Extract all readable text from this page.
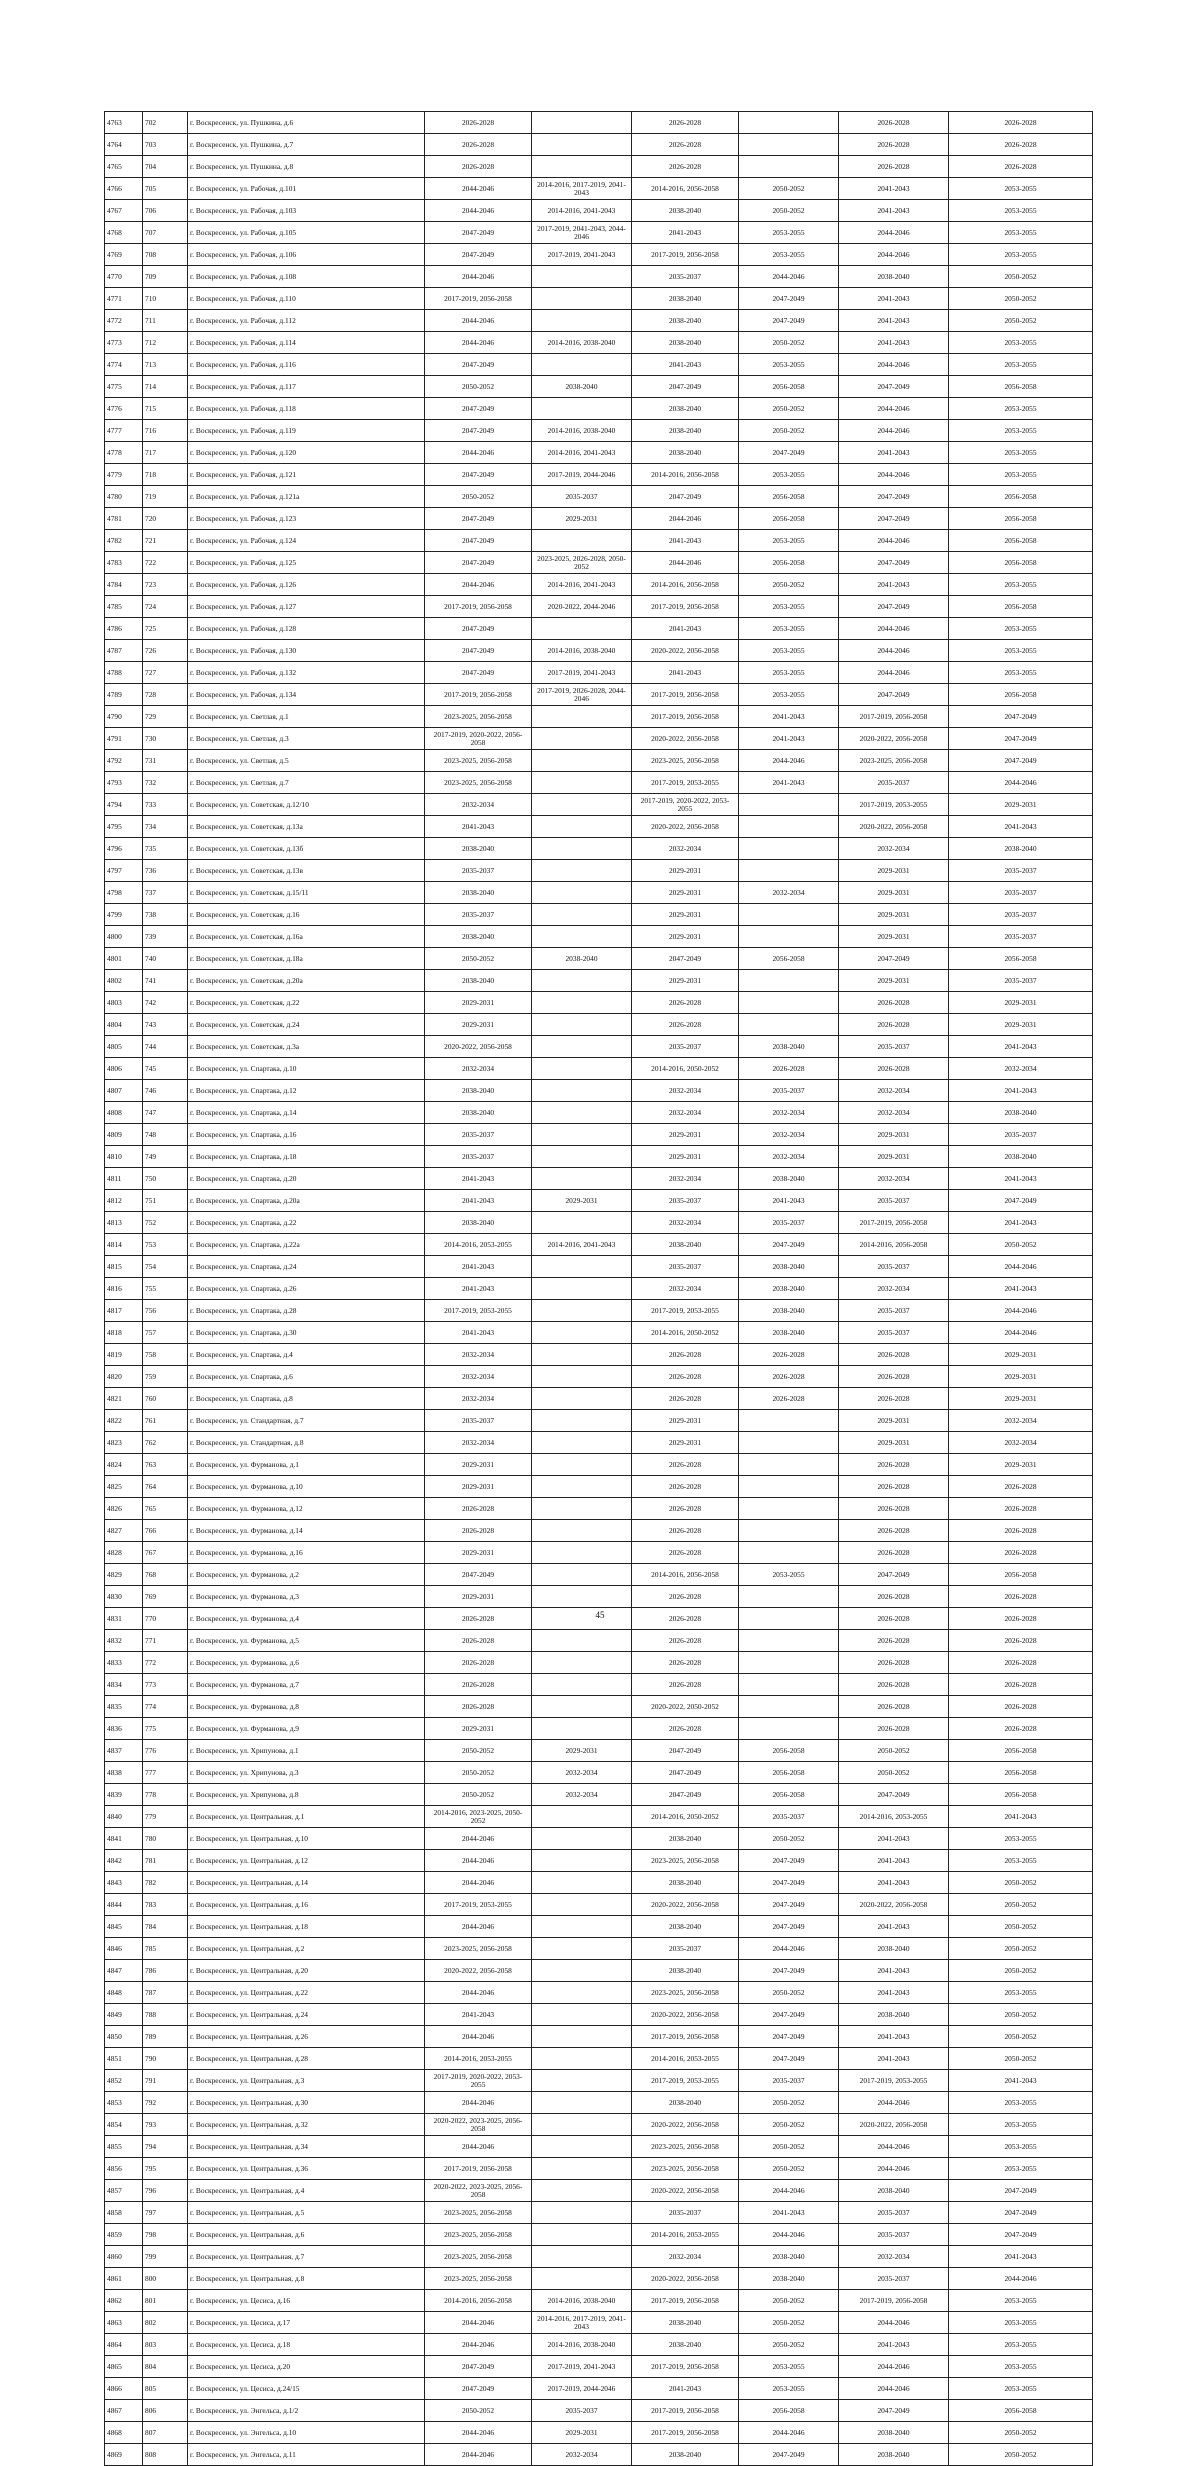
4763	702	г. Воскресенск, ул. Пушкина, д.6	2026-2028		2026-2028		2026-2028	2026-2028
4764	703	г. Воскресенск, ул. Пушкина, д.7	2026-2028		2026-2028		2026-2028	2026-2028
4765	704	г. Воскресенск, ул. Пушкина, д.8	2026-2028		2026-2028		2026-2028	2026-2028
4766	705	г. Воскресенск, ул. Рабочая, д.101	2044-2046	2014-2016, 2017-2019, 2041-2043	2014-2016, 2056-2058	2050-2052	2041-2043	2053-2055
4767	706	г. Воскресенск, ул. Рабочая, д.103	2044-2046	2014-2016, 2041-2043	2038-2040	2050-2052	2041-2043	2053-2055
4768	707	г. Воскресенск, ул. Рабочая, д.105	2047-2049	2017-2019, 2041-2043, 2044-2046	2041-2043	2053-2055	2044-2046	2053-2055
4769	708	г. Воскресенск, ул. Рабочая, д.106	2047-2049	2017-2019, 2041-2043	2017-2019, 2056-2058	2053-2055	2044-2046	2053-2055
4770	709	г. Воскресенск, ул. Рабочая, д.108	2044-2046		2035-2037	2044-2046	2038-2040	2050-2052
4771	710	г. Воскресенск, ул. Рабочая, д.110	2017-2019, 2056-2058		2038-2040	2047-2049	2041-2043	2050-2052
4772	711	г. Воскресенск, ул. Рабочая, д.112	2044-2046		2038-2040	2047-2049	2041-2043	2050-2052
4773	712	г. Воскресенск, ул. Рабочая, д.114	2044-2046	2014-2016, 2038-2040	2038-2040	2050-2052	2041-2043	2053-2055
4774	713	г. Воскресенск, ул. Рабочая, д.116	2047-2049		2041-2043	2053-2055	2044-2046	2053-2055
4775	714	г. Воскресенск, ул. Рабочая, д.117	2050-2052	2038-2040	2047-2049	2056-2058	2047-2049	2056-2058
4776	715	г. Воскресенск, ул. Рабочая, д.118	2047-2049		2038-2040	2050-2052	2044-2046	2053-2055
4777	716	г. Воскресенск, ул. Рабочая, д.119	2047-2049	2014-2016, 2038-2040	2038-2040	2050-2052	2044-2046	2053-2055
4778	717	г. Воскресенск, ул. Рабочая, д.120	2044-2046	2014-2016, 2041-2043	2038-2040	2047-2049	2041-2043	2053-2055
4779	718	г. Воскресенск, ул. Рабочая, д.121	2047-2049	2017-2019, 2044-2046	2014-2016, 2056-2058	2053-2055	2044-2046	2053-2055
4780	719	г. Воскресенск, ул. Рабочая, д.121а	2050-2052	2035-2037	2047-2049	2056-2058	2047-2049	2056-2058
4781	720	г. Воскресенск, ул. Рабочая, д.123	2047-2049	2029-2031	2044-2046	2056-2058	2047-2049	2056-2058
4782	721	г. Воскресенск, ул. Рабочая, д.124	2047-2049		2041-2043	2053-2055	2044-2046	2056-2058
4783	722	г. Воскресенск, ул. Рабочая, д.125	2047-2049	2023-2025, 2026-2028, 2050-2052	2044-2046	2056-2058	2047-2049	2056-2058
4784	723	г. Воскресенск, ул. Рабочая, д.126	2044-2046	2014-2016, 2041-2043	2014-2016, 2056-2058	2050-2052	2041-2043	2053-2055
4785	724	г. Воскресенск, ул. Рабочая, д.127	2017-2019, 2056-2058	2020-2022, 2044-2046	2017-2019, 2056-2058	2053-2055	2047-2049	2056-2058
4786	725	г. Воскресенск, ул. Рабочая, д.128	2047-2049		2041-2043	2053-2055	2044-2046	2053-2055
4787	726	г. Воскресенск, ул. Рабочая, д.130	2047-2049	2014-2016, 2038-2040	2020-2022, 2056-2058	2053-2055	2044-2046	2053-2055
4788	727	г. Воскресенск, ул. Рабочая, д.132	2047-2049	2017-2019, 2041-2043	2041-2043	2053-2055	2044-2046	2053-2055
4789	728	г. Воскресенск, ул. Рабочая, д.134	2017-2019, 2056-2058	2017-2019, 2026-2028, 2044-2046	2017-2019, 2056-2058	2053-2055	2047-2049	2056-2058
4790	729	г. Воскресенск, ул. Светлая, д.1	2023-2025, 2056-2058		2017-2019, 2056-2058	2041-2043	2017-2019, 2056-2058	2047-2049
4791	730	г. Воскресенск, ул. Светлая, д.3	2017-2019, 2020-2022, 2056-2058		2020-2022, 2056-2058	2041-2043	2020-2022, 2056-2058	2047-2049
4792	731	г. Воскресенск, ул. Светлая, д.5	2023-2025, 2056-2058		2023-2025, 2056-2058	2044-2046	2023-2025, 2056-2058	2047-2049
4793	732	г. Воскресенск, ул. Светлая, д.7	2023-2025, 2056-2058		2017-2019, 2053-2055	2041-2043	2035-2037	2044-2046
4794	733	г. Воскресенск, ул. Советская, д.12/10	2032-2034		2017-2019, 2020-2022, 2053-2055		2017-2019, 2053-2055	2029-2031
4795	734	г. Воскресенск, ул. Советская, д.13а	2041-2043		2020-2022, 2056-2058		2020-2022, 2056-2058	2041-2043
4796	735	г. Воскресенск, ул. Советская, д.13б	2038-2040		2032-2034		2032-2034	2038-2040
4797	736	г. Воскресенск, ул. Советская, д.13в	2035-2037		2029-2031		2029-2031	2035-2037
4798	737	г. Воскресенск, ул. Советская, д.15/11	2038-2040		2029-2031	2032-2034	2029-2031	2035-2037
4799	738	г. Воскресенск, ул. Советская, д.16	2035-2037		2029-2031		2029-2031	2035-2037
4800	739	г. Воскресенск, ул. Советская, д.16а	2038-2040		2029-2031		2029-2031	2035-2037
4801	740	г. Воскресенск, ул. Советская, д.18а	2050-2052	2038-2040	2047-2049	2056-2058	2047-2049	2056-2058
4802	741	г. Воскресенск, ул. Советская, д.20а	2038-2040		2029-2031		2029-2031	2035-2037
4803	742	г. Воскресенск, ул. Советская, д.22	2029-2031		2026-2028		2026-2028	2029-2031
4804	743	г. Воскресенск, ул. Советская, д.24	2029-2031		2026-2028		2026-2028	2029-2031
4805	744	г. Воскресенск, ул. Советская, д.3а	2020-2022, 2056-2058		2035-2037	2038-2040	2035-2037	2041-2043
4806	745	г. Воскресенск, ул. Спартака, д.10	2032-2034		2014-2016, 2050-2052	2026-2028	2026-2028	2032-2034
4807	746	г. Воскресенск, ул. Спартака, д.12	2038-2040		2032-2034	2035-2037	2032-2034	2041-2043
4808	747	г. Воскресенск, ул. Спартака, д.14	2038-2040		2032-2034	2032-2034	2032-2034	2038-2040
4809	748	г. Воскресенск, ул. Спартака, д.16	2035-2037		2029-2031	2032-2034	2029-2031	2035-2037
4810	749	г. Воскресенск, ул. Спартака, д.18	2035-2037		2029-2031	2032-2034	2029-2031	2038-2040
4811	750	г. Воскресенск, ул. Спартака, д.20	2041-2043		2032-2034	2038-2040	2032-2034	2041-2043
4812	751	г. Воскресенск, ул. Спартака, д.20а	2041-2043	2029-2031	2035-2037	2041-2043	2035-2037	2047-2049
4813	752	г. Воскресенск, ул. Спартака, д.22	2038-2040		2032-2034	2035-2037	2017-2019, 2056-2058	2041-2043
4814	753	г. Воскресенск, ул. Спартака, д.22а	2014-2016, 2053-2055	2014-2016, 2041-2043	2038-2040	2047-2049	2014-2016, 2056-2058	2050-2052
4815	754	г. Воскресенск, ул. Спартака, д.24	2041-2043		2035-2037	2038-2040	2035-2037	2044-2046
4816	755	г. Воскресенск, ул. Спартака, д.26	2041-2043		2032-2034	2038-2040	2032-2034	2041-2043
4817	756	г. Воскресенск, ул. Спартака, д.28	2017-2019, 2053-2055		2017-2019, 2053-2055	2038-2040	2035-2037	2044-2046
4818	757	г. Воскресенск, ул. Спартака, д.30	2041-2043		2014-2016, 2050-2052	2038-2040	2035-2037	2044-2046
4819	758	г. Воскресенск, ул. Спартака, д.4	2032-2034		2026-2028	2026-2028	2026-2028	2029-2031
4820	759	г. Воскресенск, ул. Спартака, д.6	2032-2034		2026-2028	2026-2028	2026-2028	2029-2031
4821	760	г. Воскресенск, ул. Спартака, д.8	2032-2034		2026-2028	2026-2028	2026-2028	2029-2031
4822	761	г. Воскресенск, ул. Стандартная, д.7	2035-2037		2029-2031		2029-2031	2032-2034
4823	762	г. Воскресенск, ул. Стандартная, д.8	2032-2034		2029-2031		2029-2031	2032-2034
4824	763	г. Воскресенск, ул. Фурманова, д.1	2029-2031		2026-2028		2026-2028	2029-2031
4825	764	г. Воскресенск, ул. Фурманова, д.10	2029-2031		2026-2028		2026-2028	2026-2028
4826	765	г. Воскресенск, ул. Фурманова, д.12	2026-2028		2026-2028		2026-2028	2026-2028
4827	766	г. Воскресенск, ул. Фурманова, д.14	2026-2028		2026-2028		2026-2028	2026-2028
4828	767	г. Воскресенск, ул. Фурманова, д.16	2029-2031		2026-2028		2026-2028	2026-2028
4829	768	г. Воскресенск, ул. Фурманова, д.2	2047-2049		2014-2016, 2056-2058	2053-2055	2047-2049	2056-2058
4830	769	г. Воскресенск, ул. Фурманова, д.3	2029-2031		2026-2028		2026-2028	2026-2028
4831	770	г. Воскресенск, ул. Фурманова, д.4	2026-2028		2026-2028		2026-2028	2026-2028
4832	771	г. Воскресенск, ул. Фурманова, д.5	2026-2028		2026-2028		2026-2028	2026-2028
4833	772	г. Воскресенск, ул. Фурманова, д.6	2026-2028		2026-2028		2026-2028	2026-2028
4834	773	г. Воскресенск, ул. Фурманова, д.7	2026-2028		2026-2028		2026-2028	2026-2028
4835	774	г. Воскресенск, ул. Фурманова, д.8	2026-2028		2020-2022, 2050-2052		2026-2028	2026-2028
4836	775	г. Воскресенск, ул. Фурманова, д.9	2029-2031		2026-2028		2026-2028	2026-2028
4837	776	г. Воскресенск, ул. Хрипунова, д.1	2050-2052	2029-2031	2047-2049	2056-2058	2050-2052	2056-2058
4838	777	г. Воскресенск, ул. Хрипунова, д.3	2050-2052	2032-2034	2047-2049	2056-2058	2050-2052	2056-2058
4839	778	г. Воскресенск, ул. Хрипунова, д.8	2050-2052	2032-2034	2047-2049	2056-2058	2047-2049	2056-2058
4840	779	г. Воскресенск, ул. Центральная, д.1	2014-2016, 2023-2025, 2050-2052		2014-2016, 2050-2052	2035-2037	2014-2016, 2053-2055	2041-2043
4841	780	г. Воскресенск, ул. Центральная, д.10	2044-2046		2038-2040	2050-2052	2041-2043	2053-2055
4842	781	г. Воскресенск, ул. Центральная, д.12	2044-2046		2023-2025, 2056-2058	2047-2049	2041-2043	2053-2055
4843	782	г. Воскресенск, ул. Центральная, д.14	2044-2046		2038-2040	2047-2049	2041-2043	2050-2052
4844	783	г. Воскресенск, ул. Центральная, д.16	2017-2019, 2053-2055		2020-2022, 2056-2058	2047-2049	2020-2022, 2056-2058	2050-2052
4845	784	г. Воскресенск, ул. Центральная, д.18	2044-2046		2038-2040	2047-2049	2041-2043	2050-2052
4846	785	г. Воскресенск, ул. Центральная, д.2	2023-2025, 2056-2058		2035-2037	2044-2046	2038-2040	2050-2052
4847	786	г. Воскресенск, ул. Центральная, д.20	2020-2022, 2056-2058		2038-2040	2047-2049	2041-2043	2050-2052
4848	787	г. Воскресенск, ул. Центральная, д.22	2044-2046		2023-2025, 2056-2058	2050-2052	2041-2043	2053-2055
4849	788	г. Воскресенск, ул. Центральная, д.24	2041-2043		2020-2022, 2056-2058	2047-2049	2038-2040	2050-2052
4850	789	г. Воскресенск, ул. Центральная, д.26	2044-2046		2017-2019, 2056-2058	2047-2049	2041-2043	2050-2052
4851	790	г. Воскресенск, ул. Центральная, д.28	2014-2016, 2053-2055		2014-2016, 2053-2055	2047-2049	2041-2043	2050-2052
4852	791	г. Воскресенск, ул. Центральная, д.3	2017-2019, 2020-2022, 2053-2055		2017-2019, 2053-2055	2035-2037	2017-2019, 2053-2055	2041-2043
4853	792	г. Воскресенск, ул. Центральная, д.30	2044-2046		2038-2040	2050-2052	2044-2046	2053-2055
4854	793	г. Воскресенск, ул. Центральная, д.32	2020-2022, 2023-2025, 2056-2058		2020-2022, 2056-2058	2050-2052	2020-2022, 2056-2058	2053-2055
4855	794	г. Воскресенск, ул. Центральная, д.34	2044-2046		2023-2025, 2056-2058	2050-2052	2044-2046	2053-2055
4856	795	г. Воскресенск, ул. Центральная, д.36	2017-2019, 2056-2058		2023-2025, 2056-2058	2050-2052	2044-2046	2053-2055
4857	796	г. Воскресенск, ул. Центральная, д.4	2020-2022, 2023-2025, 2056-2058		2020-2022, 2056-2058	2044-2046	2038-2040	2047-2049
4858	797	г. Воскресенск, ул. Центральная, д.5	2023-2025, 2056-2058		2035-2037	2041-2043	2035-2037	2047-2049
4859	798	г. Воскресенск, ул. Центральная, д.6	2023-2025, 2056-2058		2014-2016, 2053-2055	2044-2046	2035-2037	2047-2049
4860	799	г. Воскресенск, ул. Центральная, д.7	2023-2025, 2056-2058		2032-2034	2038-2040	2032-2034	2041-2043
4861	800	г. Воскресенск, ул. Центральная, д.8	2023-2025, 2056-2058		2020-2022, 2056-2058	2038-2040	2035-2037	2044-2046
4862	801	г. Воскресенск, ул. Цесиса, д.16	2014-2016, 2056-2058	2014-2016, 2038-2040	2017-2019, 2056-2058	2050-2052	2017-2019, 2056-2058	2053-2055
4863	802	г. Воскресенск, ул. Цесиса, д.17	2044-2046	2014-2016, 2017-2019, 2041-2043	2038-2040	2050-2052	2044-2046	2053-2055
4864	803	г. Воскресенск, ул. Цесиса, д.18	2044-2046	2014-2016, 2038-2040	2038-2040	2050-2052	2041-2043	2053-2055
4865	804	г. Воскресенск, ул. Цесиса, д.20	2047-2049	2017-2019, 2041-2043	2017-2019, 2056-2058	2053-2055	2044-2046	2053-2055
4866	805	г. Воскресенск, ул. Цесиса, д.24/15	2047-2049	2017-2019, 2044-2046	2041-2043	2053-2055	2044-2046	2053-2055
4867	806	г. Воскресенск, ул. Энгельса, д.1/2	2050-2052	2035-2037	2017-2019, 2056-2058	2056-2058	2047-2049	2056-2058
4868	807	г. Воскресенск, ул. Энгельса, д.10	2044-2046	2029-2031	2017-2019, 2056-2058	2044-2046	2038-2040	2050-2052
4869	808	г. Воскресенск, ул. Энгельса, д.11	2044-2046	2032-2034	2038-2040	2047-2049	2038-2040	2050-2052
45
